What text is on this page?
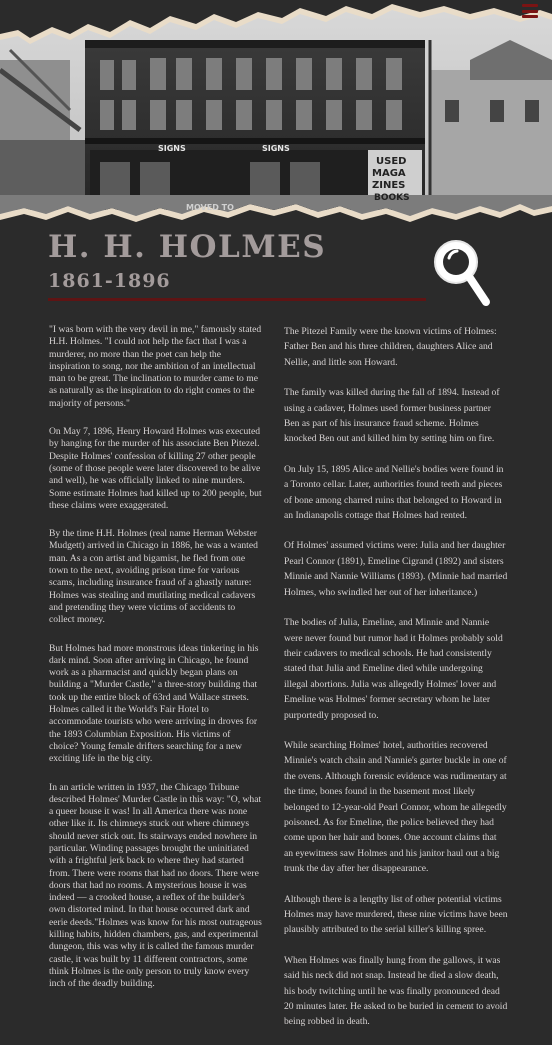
SIGNS	SIGNS
USED
MAGA
ZINES
BOOKS
MOVED TO
H. H. HOLMES
1861-1896

"I was born with the very devil in me," famously stated H.H. Holmes. "I could not help the fact that I was a murderer, no more than the poet can help the inspiration to song, nor the ambition of an intellectual man to be great. The inclination to murder came to me as naturally as the inspiration to do right comes to the majority of persons."

On May 7, 1896, Henry Howard Holmes was executed by hanging for the murder of his associate Ben Pitezel. Despite Holmes' confession of killing 27 other people (some of those people were later discovered to be alive and well), he was officially linked to nine murders. Some estimate Holmes had killed up to 200 people, but these claims were exaggerated.

By the time H.H. Holmes (real name Herman Webster Mudgett) arrived in Chicago in 1886, he was a wanted man. As a con artist and bigamist, he fled from one town to the next, avoiding prison time for various scams, including insurance fraud of a ghastly nature: Holmes was stealing and mutilating medical cadavers and pretending they were victims of accidents to collect money.

But Holmes had more monstrous ideas tinkering in his dark mind. Soon after arriving in Chicago, he found work as a pharmacist and quickly began plans on building a "Murder Castle," a three-story building that took up the entire block of 63rd and Wallace streets. Holmes called it the World's Fair Hotel to accommodate tourists who were arriving in droves for the 1893 Columbian Exposition. His victims of choice? Young female drifters searching for a new exciting life in the big city.

In an article written in 1937, the Chicago Tribune described Holmes' Murder Castle in this way: "O, what a queer house it was! In all America there was none other like it. Its chimneys stuck out where chimneys should never stick out. Its stairways ended nowhere in particular. Winding passages brought the uninitiated with a frightful jerk back to where they had started from. There were rooms that had no doors. There were doors that had no rooms. A mysterious house it was indeed — a crooked house, a reflex of the builder's own distorted mind. In that house occurred dark and eerie deeds."Holmes was know for his most outrageous killing habits, hidden chambers, gas, and experimental dungeon, this was why it is called the famous murder castle, it was built by 11 different contractors, some think Holmes is the only person to truly know every inch of the deadly building.

The Pitezel Family were the known victims of Holmes: Father Ben and his three children, daughters Alice and Nellie, and little son Howard.

The family was killed during the fall of 1894. Instead of using a cadaver, Holmes used former business partner Ben as part of his insurance fraud scheme. Holmes knocked Ben out and killed him by setting him on fire.

On July 15, 1895 Alice and Nellie's bodies were found in a Toronto cellar. Later, authorities found teeth and pieces of bone among charred ruins that belonged to Howard in an Indianapolis cottage that Holmes had rented.

Of Holmes' assumed victims were: Julia and her daughter Pearl Connor (1891), Emeline Cigrand (1892) and sisters Minnie and Nannie Williams (1893). (Minnie had married Holmes, who swindled her out of her inheritance.)

The bodies of Julia, Emeline, and Minnie and Nannie were never found but rumor had it Holmes probably sold their cadavers to medical schools. He had consistently stated that Julia and Emeline died while undergoing illegal abortions. Julia was allegedly Holmes' lover and Emeline was Holmes' former secretary whom he later purportedly proposed to.

While searching Holmes' hotel, authorities recovered Minnie's watch chain and Nannie's garter buckle in one of the ovens. Although forensic evidence was rudimentary at the time, bones found in the basement most likely belonged to 12-year-old Pearl Connor, whom he allegedly poisoned. As for Emeline, the police believed they had come upon her hair and bones. One account claims that an eyewitness saw Holmes and his janitor haul out a big trunk the day after her disappearance.

Although there is a lengthy list of other potential victims Holmes may have murdered, these nine victims have been plausibly attributed to the serial killer's killing spree.

When Holmes was finally hung from the gallows, it was said his neck did not snap. Instead he died a slow death, his body twitching until he was finally pronounced dead 20 minutes later. He asked to be buried in cement to avoid being robbed in death.
